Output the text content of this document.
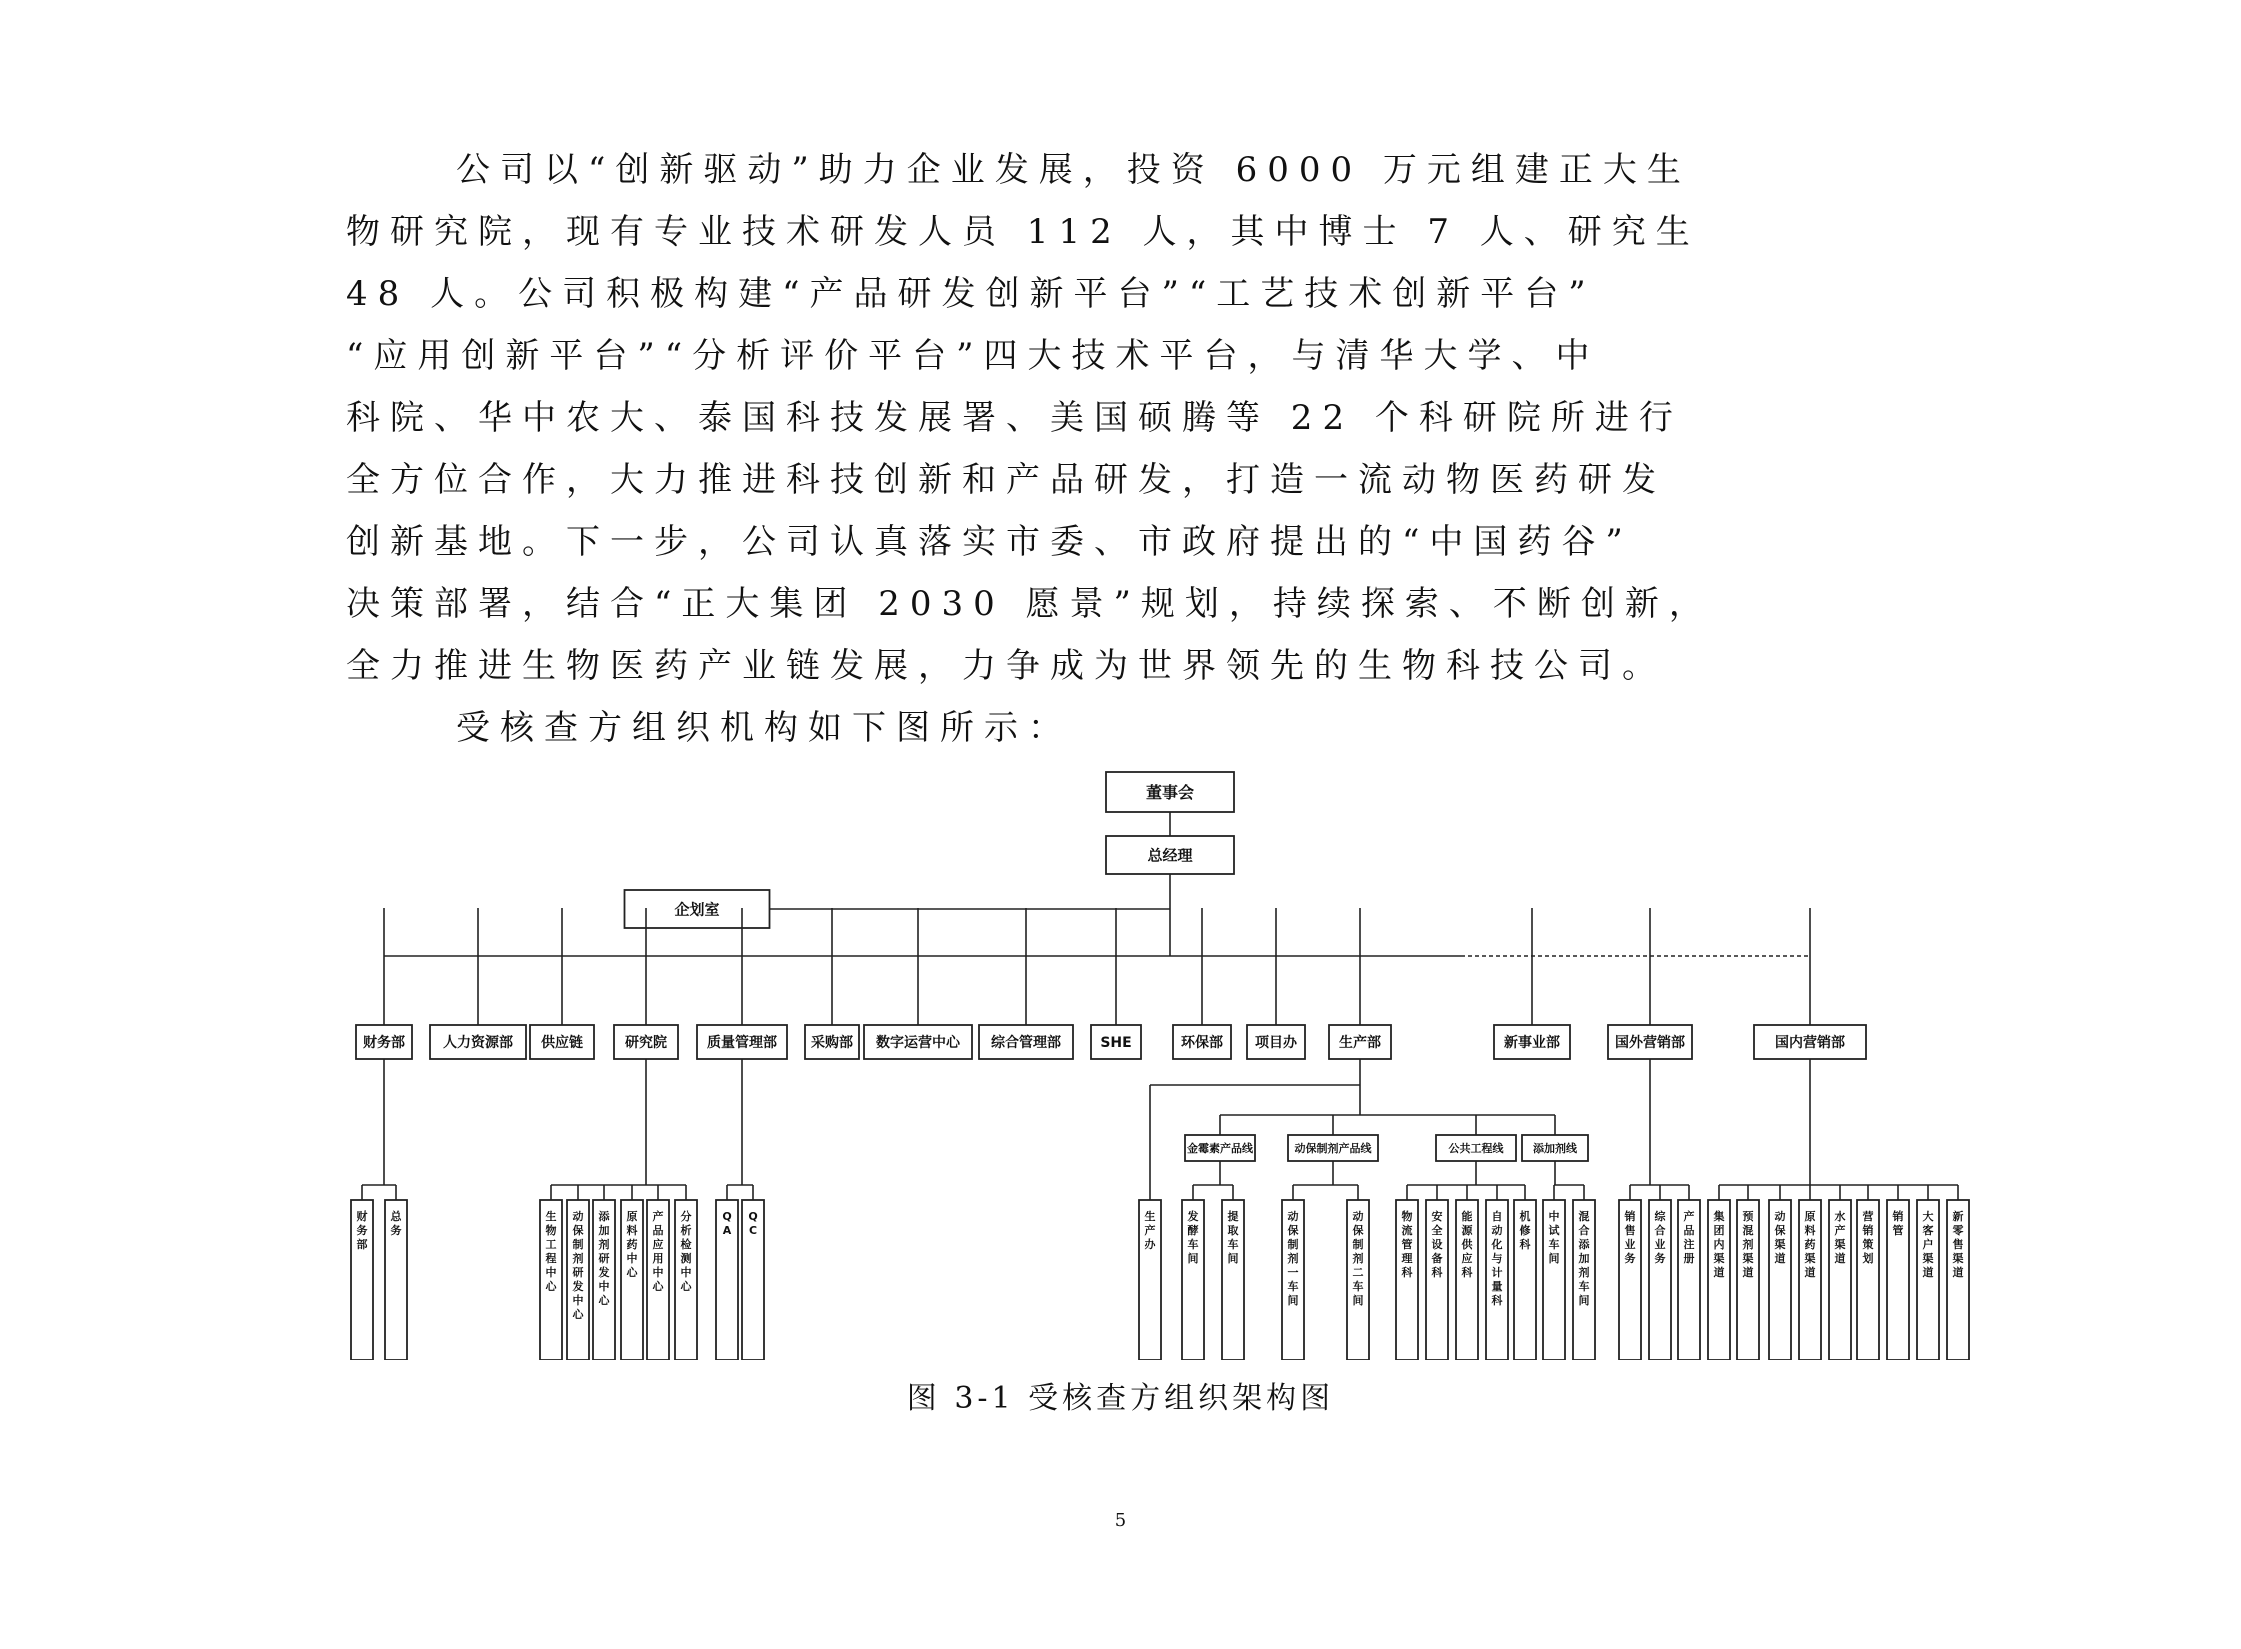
公司以“创新驱动”助力企业发展，投资 6000 万元组建正大生
物研究院，现有专业技术研发人员 112 人，其中博士 7 人、研究生
48 人。公司积极构建“产品研发创新平台”“工艺技术创新平台”
“应用创新平台”“分析评价平台”四大技术平台，与清华大学、中
科院、华中农大、泰国科技发展署、美国硕腾等 22 个科研院所进行
全方位合作，大力推进科技创新和产品研发，打造一流动物医药研发
创新基地。下一步，公司认真落实市委、市政府提出的“中国药谷”
决策部署，结合“正大集团 2030 愿景”规划，持续探索、不断创新，
全力推进生物医药产业链发展，力争成为世界领先的生物科技公司。
受核查方组织机构如下图所示：
董事会
总经理
企划室
财务部	人力资源部 供应链	研究院	质量管理部 采购部 数字运营中心 综合管理部	SHE	环保部 项目办	生产部	新事业部	国外营销部	国内营销部
财
务
部
总
务
生
物
工
程
中
心
动
保
制
剂
研
发
中
心
添
加
剂
研
发
中
心
原
料
药
中
心
产
品
应
用
中
心
分
析
检
测
中
心
Q
A
Q
C
生
产
办
金霉素产品线	动保制剂产品线	公共工程线	添加剂线
发
酵
车
间
提
取
车
间
动
保
制
剂
一
车
间
动
保
制
剂
二
车
间
物
流
管
理
科
安
全
设
备
科
能
源
供
应
科
自
动
化
与
计
量
科
机
修
科
中
试
车
间
混
合
添
加
剂
车
间
销
售
业
务
综
合
业
务
产
品
注
册
集
团
内
渠
道
预
混
剂
渠
道
动
保
渠
道
原
料
药
渠
道
水
产
渠
道
营
销
策
划
销
管
大
客
户
渠
道
新
零
售
渠
道
图 3-1 受核查方组织架构图
5
